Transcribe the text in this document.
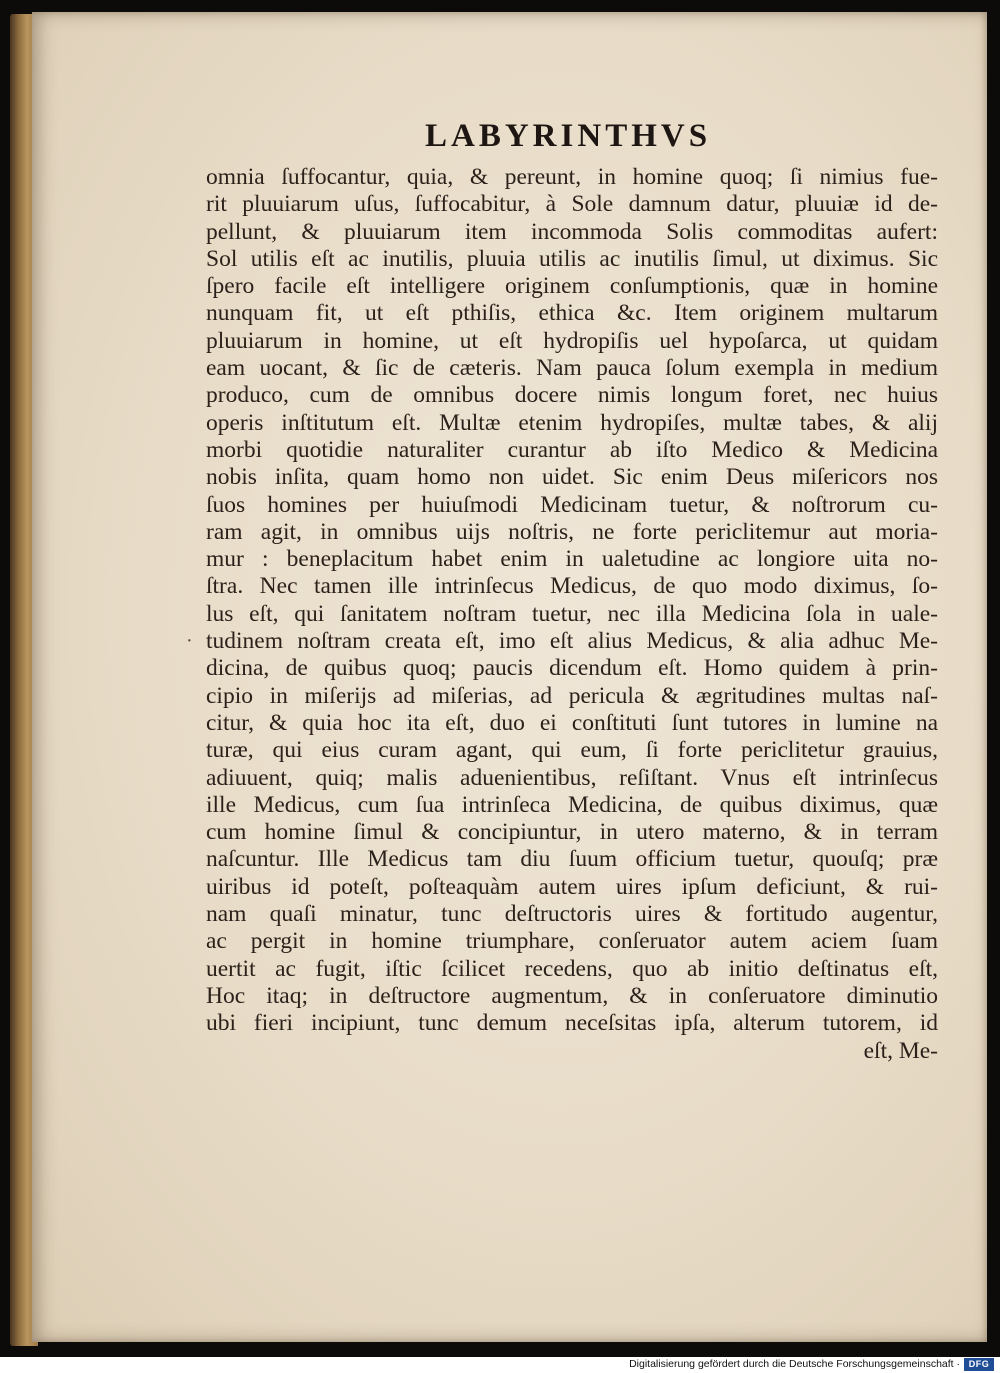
LABYRINTHVS
·
omnia ſuffocantur, quia, & pereunt, in homine quoq; ſi nimius fue-
rit pluuiarum uſus, ſuffocabitur, à Sole damnum datur, pluuiæ id de-
pellunt, & pluuiarum item incommoda Solis commoditas aufert:
Sol utilis eſt ac inutilis, pluuia utilis ac inutilis ſimul, ut diximus. Sic
ſpero facile eſt intelligere originem conſumptionis, quæ in homine
nunquam fit, ut eſt pthiſis, ethica &c. Item originem multarum
pluuiarum in homine, ut eſt hydropiſis uel hypoſarca, ut quidam
eam uocant, & ſic de cæteris. Nam pauca ſolum exempla in medium
produco, cum de omnibus docere nimis longum foret, nec huius
operis inſtitutum eſt. Multæ etenim hydropiſes, multæ tabes, & alij
morbi quotidie naturaliter curantur ab iſto Medico & Medicina
nobis inſita, quam homo non uidet. Sic enim Deus miſericors nos
ſuos homines per huiuſmodi Medicinam tuetur, & noſtrorum cu-
ram agit, in omnibus uijs noſtris, ne forte periclitemur aut moria-
mur : beneplacitum habet enim in ualetudine ac longiore uita no-
ſtra. Nec tamen ille intrinſecus Medicus, de quo modo diximus, ſo-
lus eſt, qui ſanitatem noſtram tuetur, nec illa Medicina ſola in uale-
tudinem noſtram creata eſt, imo eſt alius Medicus, & alia adhuc Me-
dicina, de quibus quoq; paucis dicendum eſt. Homo quidem à prin-
cipio in miſerijs ad miſerias, ad pericula & ægritudines multas naſ-
citur, & quia hoc ita eſt, duo ei conſtituti ſunt tutores in lumine na
turæ, qui eius curam agant, qui eum, ſi forte periclitetur grauius,
adiuuent, quiq; malis aduenientibus, reſiſtant. Vnus eſt intrinſecus
ille Medicus, cum ſua intrinſeca Medicina, de quibus diximus, quæ
cum homine ſimul & concipiuntur, in utero materno, & in terram
naſcuntur. Ille Medicus tam diu ſuum officium tuetur, quouſq; præ
uiribus id poteſt, poſteaquàm autem uires ipſum deficiunt, & rui-
nam quaſi minatur, tunc deſtructoris uires & fortitudo augentur,
ac pergit in homine triumphare, conſeruator autem aciem ſuam
uertit ac fugit, iſtic ſcilicet recedens, quo ab initio deſtinatus eſt,
Hoc itaq; in deſtructore augmentum, & in conſeruatore diminutio
ubi fieri incipiunt, tunc demum neceſsitas ipſa, alterum tutorem, id
eſt, Me-
Digitalisierung gefördert durch die Deutsche Forschungsgemeinschaft · DFG
